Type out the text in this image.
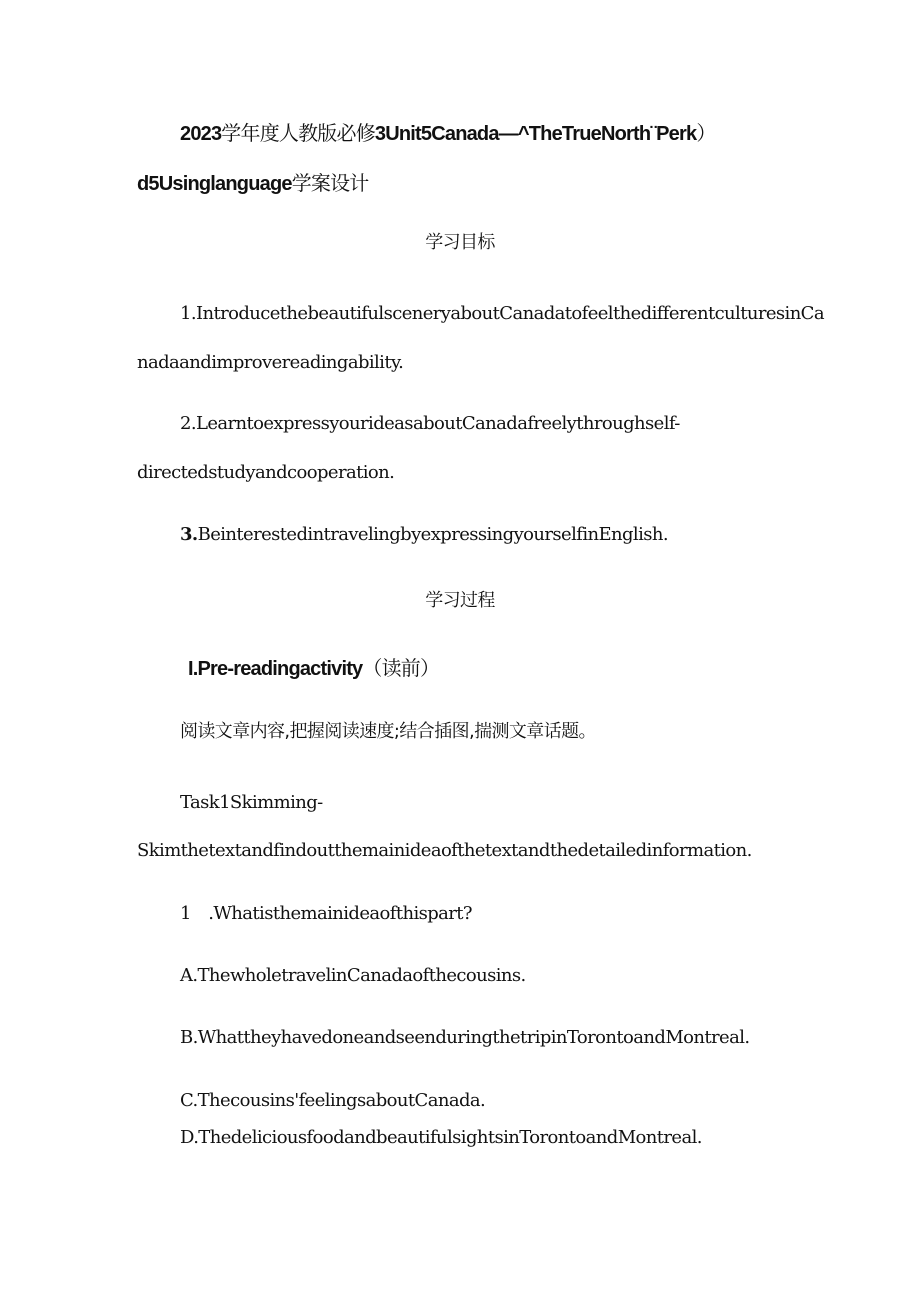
2023学年度人教版必修3Unit5Canada—^TheTrueNorth¨Perk）
d5Usinglanguage学案设计
学习目标
1.IntroducethebeautifulsceneryaboutCanadatofeelthedifferentculturesinCa
nadaandimprovereadingability.
2.LearntoexpressyourideasaboutCanadafreelythroughself-
directedstudyandcooperation.
3.BeinterestedintravelingbyexpressingyourselfinEnglish.
学习过程
I.Pre-readingactivity（读前）
阅读文章内容,把握阅读速度;结合插图,揣测文章话题。
Task1Skimming-
Skimthetextandfindoutthemainideaofthetextandthedetailedinformation.
1 .Whatisthemainideaofthispart?
A.ThewholetravelinCanadaofthecousins.
B.WhattheyhavedoneandseenduringthetripinTorontoandMontreal.
C.Thecousins'feelingsaboutCanada.
D.ThedeliciousfoodandbeautifulsightsinTorontoandMontreal.
